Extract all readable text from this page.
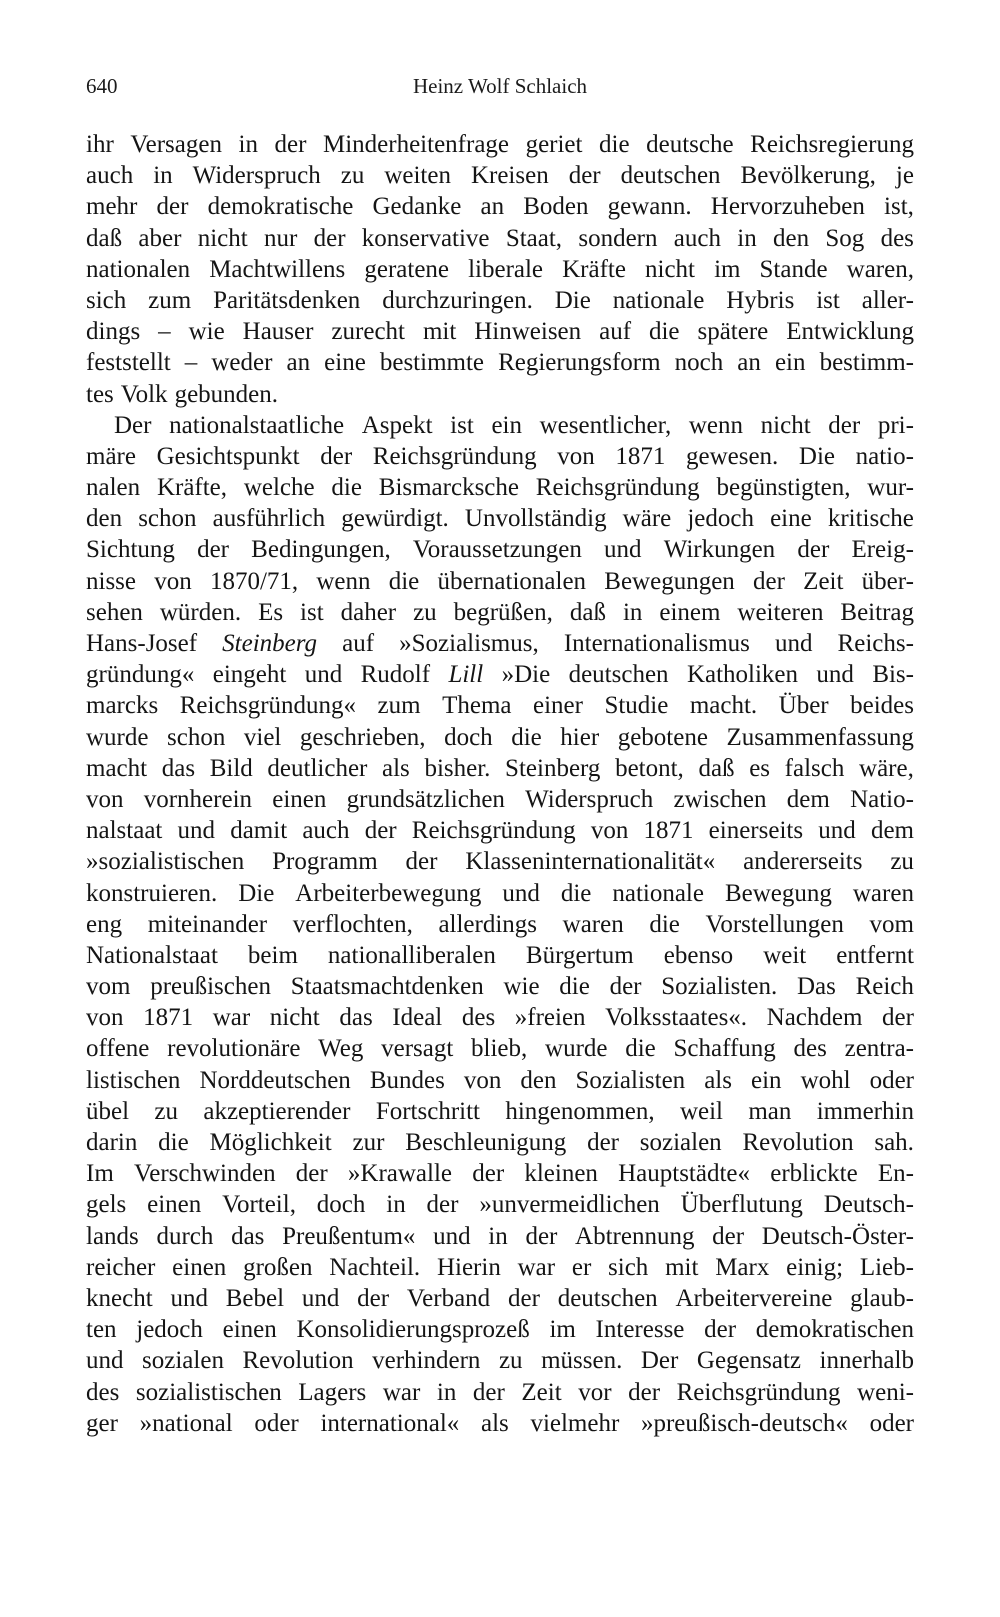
640	Heinz Wolf Schlaich
ihr Versagen in der Minderheitenfrage geriet die deutsche Reichsregierung
auch in Widerspruch zu weiten Kreisen der deutschen Bevölkerung, je
mehr der demokratische Gedanke an Boden gewann. Hervorzuheben ist,
daß aber nicht nur der konservative Staat, sondern auch in den Sog des
nationalen Machtwillens geratene liberale Kräfte nicht im Stande waren,
sich zum Paritätsdenken durchzuringen. Die nationale Hybris ist aller-
dings – wie Hauser zurecht mit Hinweisen auf die spätere Entwicklung
feststellt – weder an eine bestimmte Regierungsform noch an ein bestimm-
tes Volk gebunden.
Der nationalstaatliche Aspekt ist ein wesentlicher, wenn nicht der pri-
märe Gesichtspunkt der Reichsgründung von 1871 gewesen. Die natio-
nalen Kräfte, welche die Bismarcksche Reichsgründung begünstigten, wur-
den schon ausführlich gewürdigt. Unvollständig wäre jedoch eine kritische
Sichtung der Bedingungen, Voraussetzungen und Wirkungen der Ereig-
nisse von 1870/71, wenn die übernationalen Bewegungen der Zeit über-
sehen würden. Es ist daher zu begrüßen, daß in einem weiteren Beitrag
Hans-Josef Steinberg auf »Sozialismus, Internationalismus und Reichs-
gründung« eingeht und Rudolf Lill »Die deutschen Katholiken und Bis-
marcks Reichsgründung« zum Thema einer Studie macht. Über beides
wurde schon viel geschrieben, doch die hier gebotene Zusammenfassung
macht das Bild deutlicher als bisher. Steinberg betont, daß es falsch wäre,
von vornherein einen grundsätzlichen Widerspruch zwischen dem Natio-
nalstaat und damit auch der Reichsgründung von 1871 einerseits und dem
»sozialistischen Programm der Klasseninternationalität« andererseits zu
konstruieren. Die Arbeiterbewegung und die nationale Bewegung waren
eng miteinander verflochten, allerdings waren die Vorstellungen vom
Nationalstaat beim nationalliberalen Bürgertum ebenso weit entfernt
vom preußischen Staatsmachtdenken wie die der Sozialisten. Das Reich
von 1871 war nicht das Ideal des »freien Volksstaates«. Nachdem der
offene revolutionäre Weg versagt blieb, wurde die Schaffung des zentra-
listischen Norddeutschen Bundes von den Sozialisten als ein wohl oder
übel zu akzeptierender Fortschritt hingenommen, weil man immerhin
darin die Möglichkeit zur Beschleunigung der sozialen Revolution sah.
Im Verschwinden der »Krawalle der kleinen Hauptstädte« erblickte En-
gels einen Vorteil, doch in der »unvermeidlichen Überflutung Deutsch-
lands durch das Preußentum« und in der Abtrennung der Deutsch-Öster-
reicher einen großen Nachteil. Hierin war er sich mit Marx einig; Lieb-
knecht und Bebel und der Verband der deutschen Arbeitervereine glaub-
ten jedoch einen Konsolidierungsprozeß im Interesse der demokratischen
und sozialen Revolution verhindern zu müssen. Der Gegensatz innerhalb
des sozialistischen Lagers war in der Zeit vor der Reichsgründung weni-
ger »national oder international« als vielmehr »preußisch-deutsch« oder
